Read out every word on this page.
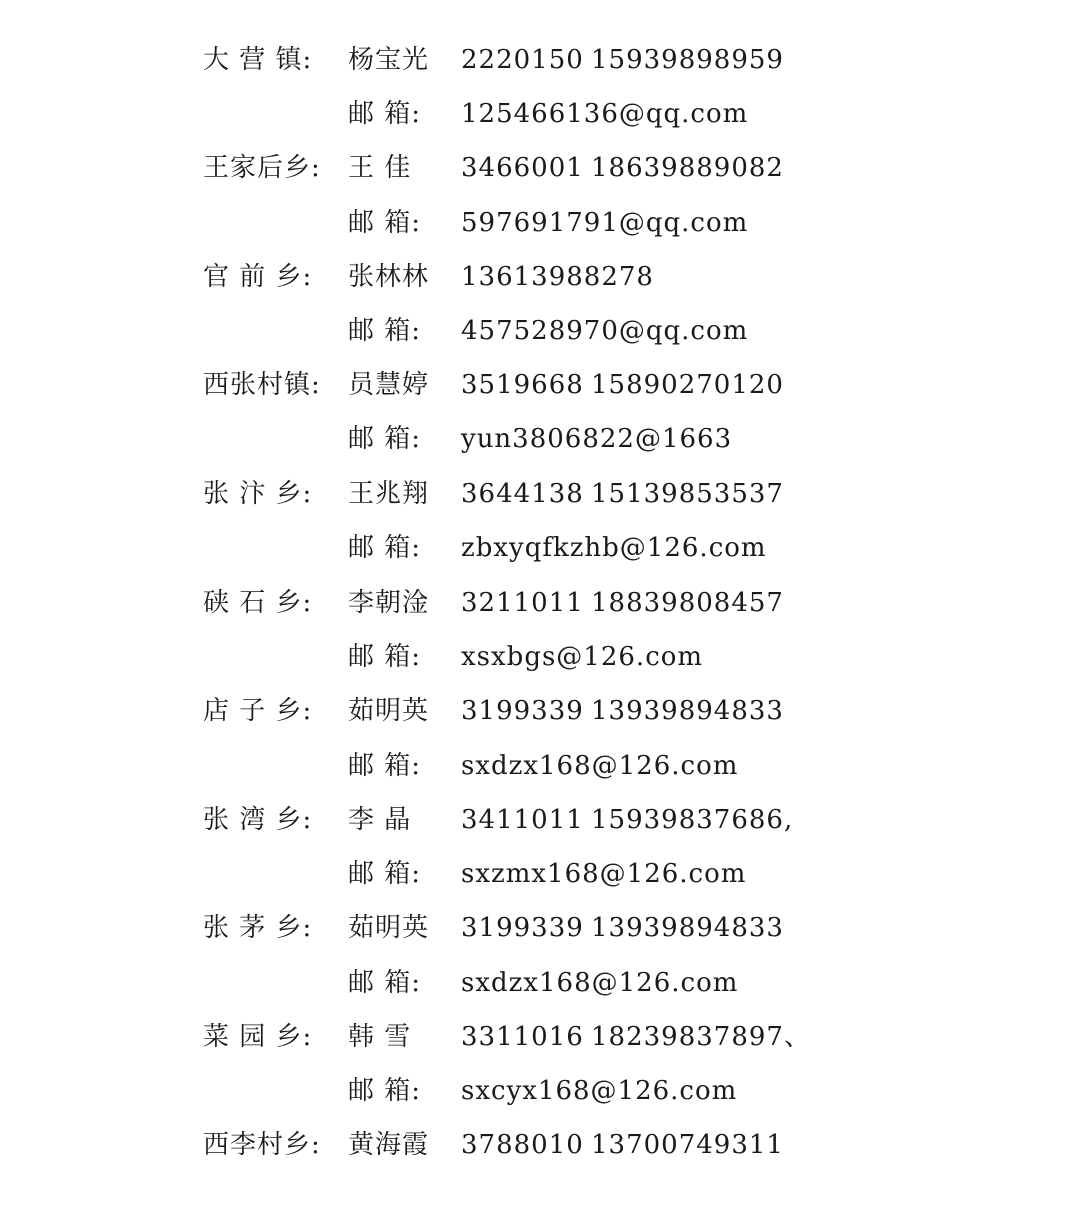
大 营 镇: 杨宝光 2220150 15939898959
邮 箱: 125466136@qq.com
王家后乡: 王 佳 3466001 18639889082
邮 箱: 597691791@qq.com
官 前 乡: 张林林 13613988278
邮 箱: 457528970@qq.com
西张村镇: 员慧婷 3519668 15890270120
邮 箱: yun3806822@1663
张 汴 乡: 王兆翔 3644138 15139853537
邮 箱: zbxyqfkzhb@126.com
硖 石 乡: 李朝淦 3211011 18839808457
邮 箱: xsxbgs@126.com
店 子 乡: 茹明英 3199339 13939894833
邮 箱: sxdzx168@126.com
张 湾 乡: 李 晶 3411011 15939837686,
邮 箱: sxzmx168@126.com
张 茅 乡: 茹明英 3199339 13939894833
邮 箱: sxdzx168@126.com
菜 园 乡: 韩 雪 3311016 18239837897、
邮 箱: sxcyx168@126.com
西李村乡: 黄海霞 3788010 13700749311
